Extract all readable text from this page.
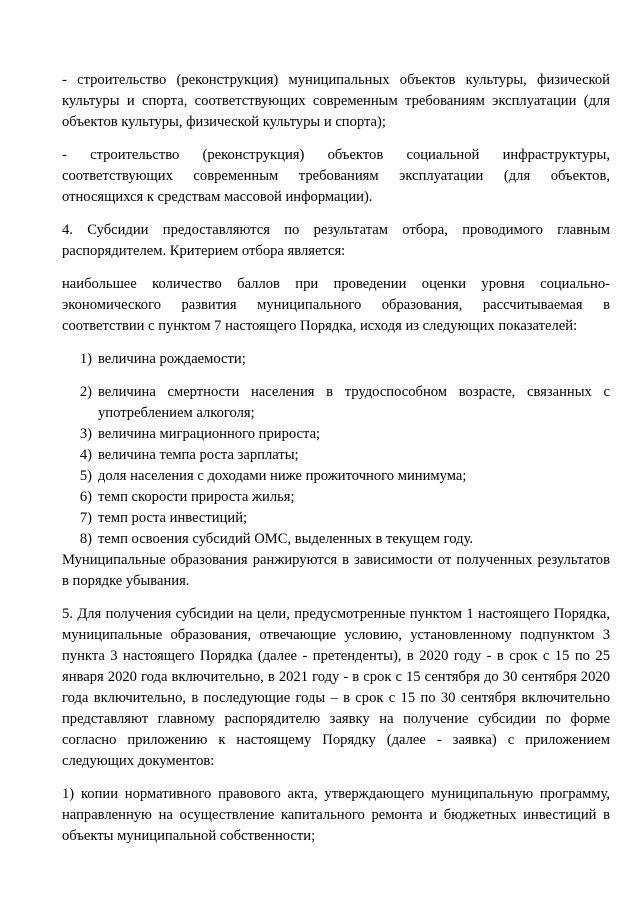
- строительство (реконструкция) муниципальных объектов культуры, физической культуры и спорта, соответствующих современным требованиям эксплуатации (для объектов культуры, физической культуры и спорта);

- строительство (реконструкция) объектов социальной инфраструктуры, соответствующих современным требованиям эксплуатации (для объектов, относящихся к средствам массовой информации).

4. Субсидии предоставляются по результатам отбора, проводимого главным распорядителем. Критерием отбора является:

наибольшее количество баллов при проведении оценки уровня социально-экономического развития муниципального образования, рассчитываемая в соответствии с пунктом 7 настоящего Порядка, исходя из следующих показателей:

1) величина рождаемости;
2) величина смертности населения в трудоспособном возрасте, связанных с употреблением алкоголя;
3) величина миграционного прироста;
4) величина темпа роста зарплаты;
5) доля населения с доходами ниже прожиточного минимума;
6) темп скорости прироста жилья;
7) темп роста инвестиций;
8) темп освоения субсидий ОМС, выделенных в текущем году.

Муниципальные образования ранжируются в зависимости от полученных результатов в порядке убывания.

5. Для получения субсидии на цели, предусмотренные пунктом 1 настоящего Порядка, муниципальные образования, отвечающие условию, установленному подпунктом 3 пункта 3 настоящего Порядка (далее - претенденты), в 2020 году - в срок с 15 по 25 января 2020 года включительно, в 2021 году - в срок с 15 сентября до 30 сентября 2020 года включительно, в последующие годы – в срок с 15 по 30 сентября включительно представляют главному распорядителю заявку на получение субсидии по форме согласно приложению к настоящему Порядку (далее - заявка) с приложением следующих документов:

1) копии нормативного правового акта, утверждающего муниципальную программу, направленную на осуществление капитального ремонта и бюджетных инвестиций в объекты муниципальной собственности;
